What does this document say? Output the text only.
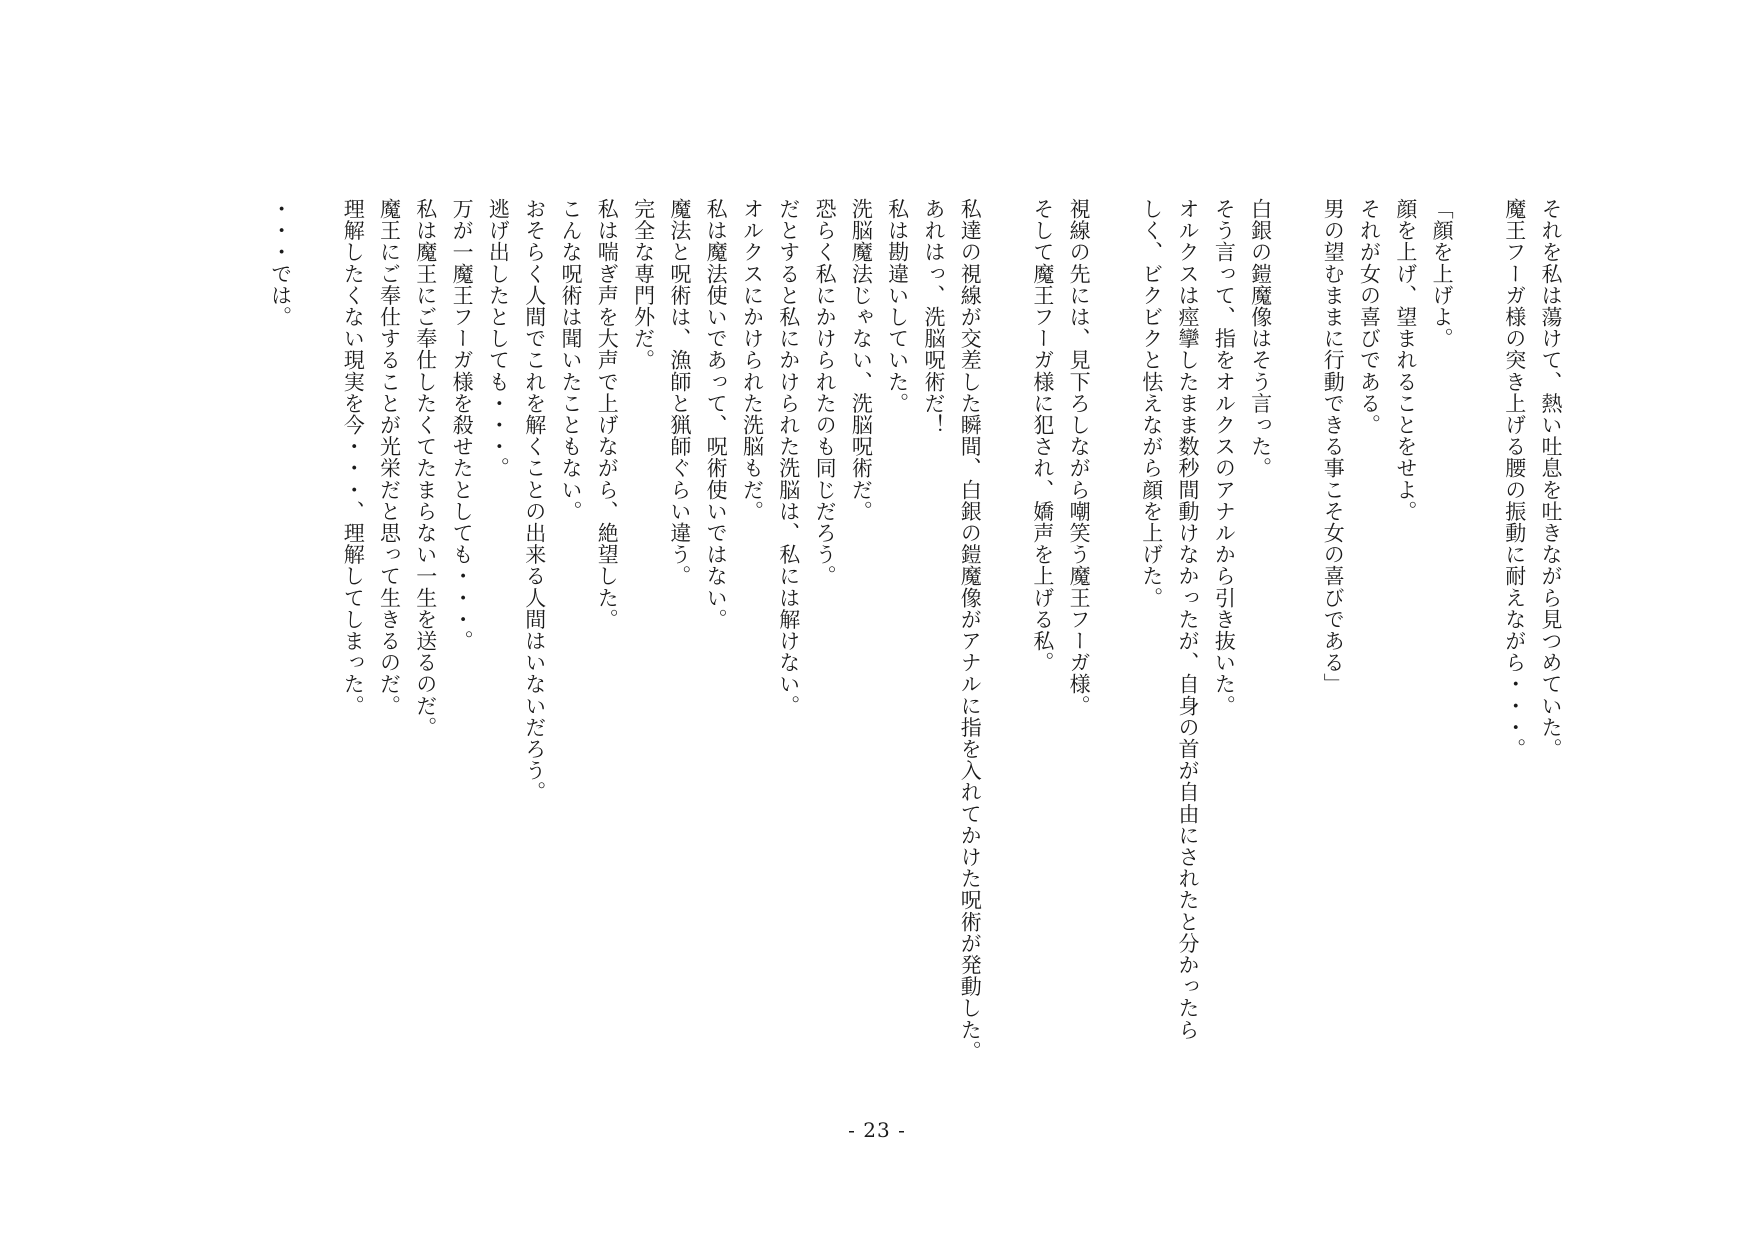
それを私は蕩けて、熱い吐息を吐きながら見つめていた。
魔王フーガ様の突き上げる腰の振動に耐えながら・・・。

「顔を上げよ。
顔を上げ、望まれることをせよ。
それが女の喜びである。
男の望むままに行動できる事こそ女の喜びである」

白銀の鎧魔像はそう言った。
そう言って、指をオルクスのアナルから引き抜いた。
オルクスは痙攣したまま数秒間動けなかったが、自身の首が自由にされたと分かったら
しく、ビクビクと怯えながら顔を上げた。

視線の先には、見下ろしながら嘲笑う魔王フーガ様。
そして魔王フーガ様に犯され、嬌声を上げる私。

私達の視線が交差した瞬間、白銀の鎧魔像がアナルに指を入れてかけた呪術が発動した。
あれはっ、洗脳呪術だ！
私は勘違いしていた。
洗脳魔法じゃない、洗脳呪術だ。
恐らく私にかけられたのも同じだろう。
だとすると私にかけられた洗脳は、私には解けない。
オルクスにかけられた洗脳もだ。
私は魔法使いであって、呪術使いではない。
魔法と呪術は、漁師と猟師ぐらい違う。
完全な専門外だ。
私は喘ぎ声を大声で上げながら、絶望した。
こんな呪術は聞いたこともない。
おそらく人間でこれを解くことの出来る人間はいないだろう。
逃げ出したとしても・・・。
万が一魔王フーガ様を殺せたとしても・・・。
私は魔王にご奉仕したくてたまらない一生を送るのだ。
魔王にご奉仕することが光栄だと思って生きるのだ。
理解したくない現実を今・・・、理解してしまった。

・・・では。
- 23 -
